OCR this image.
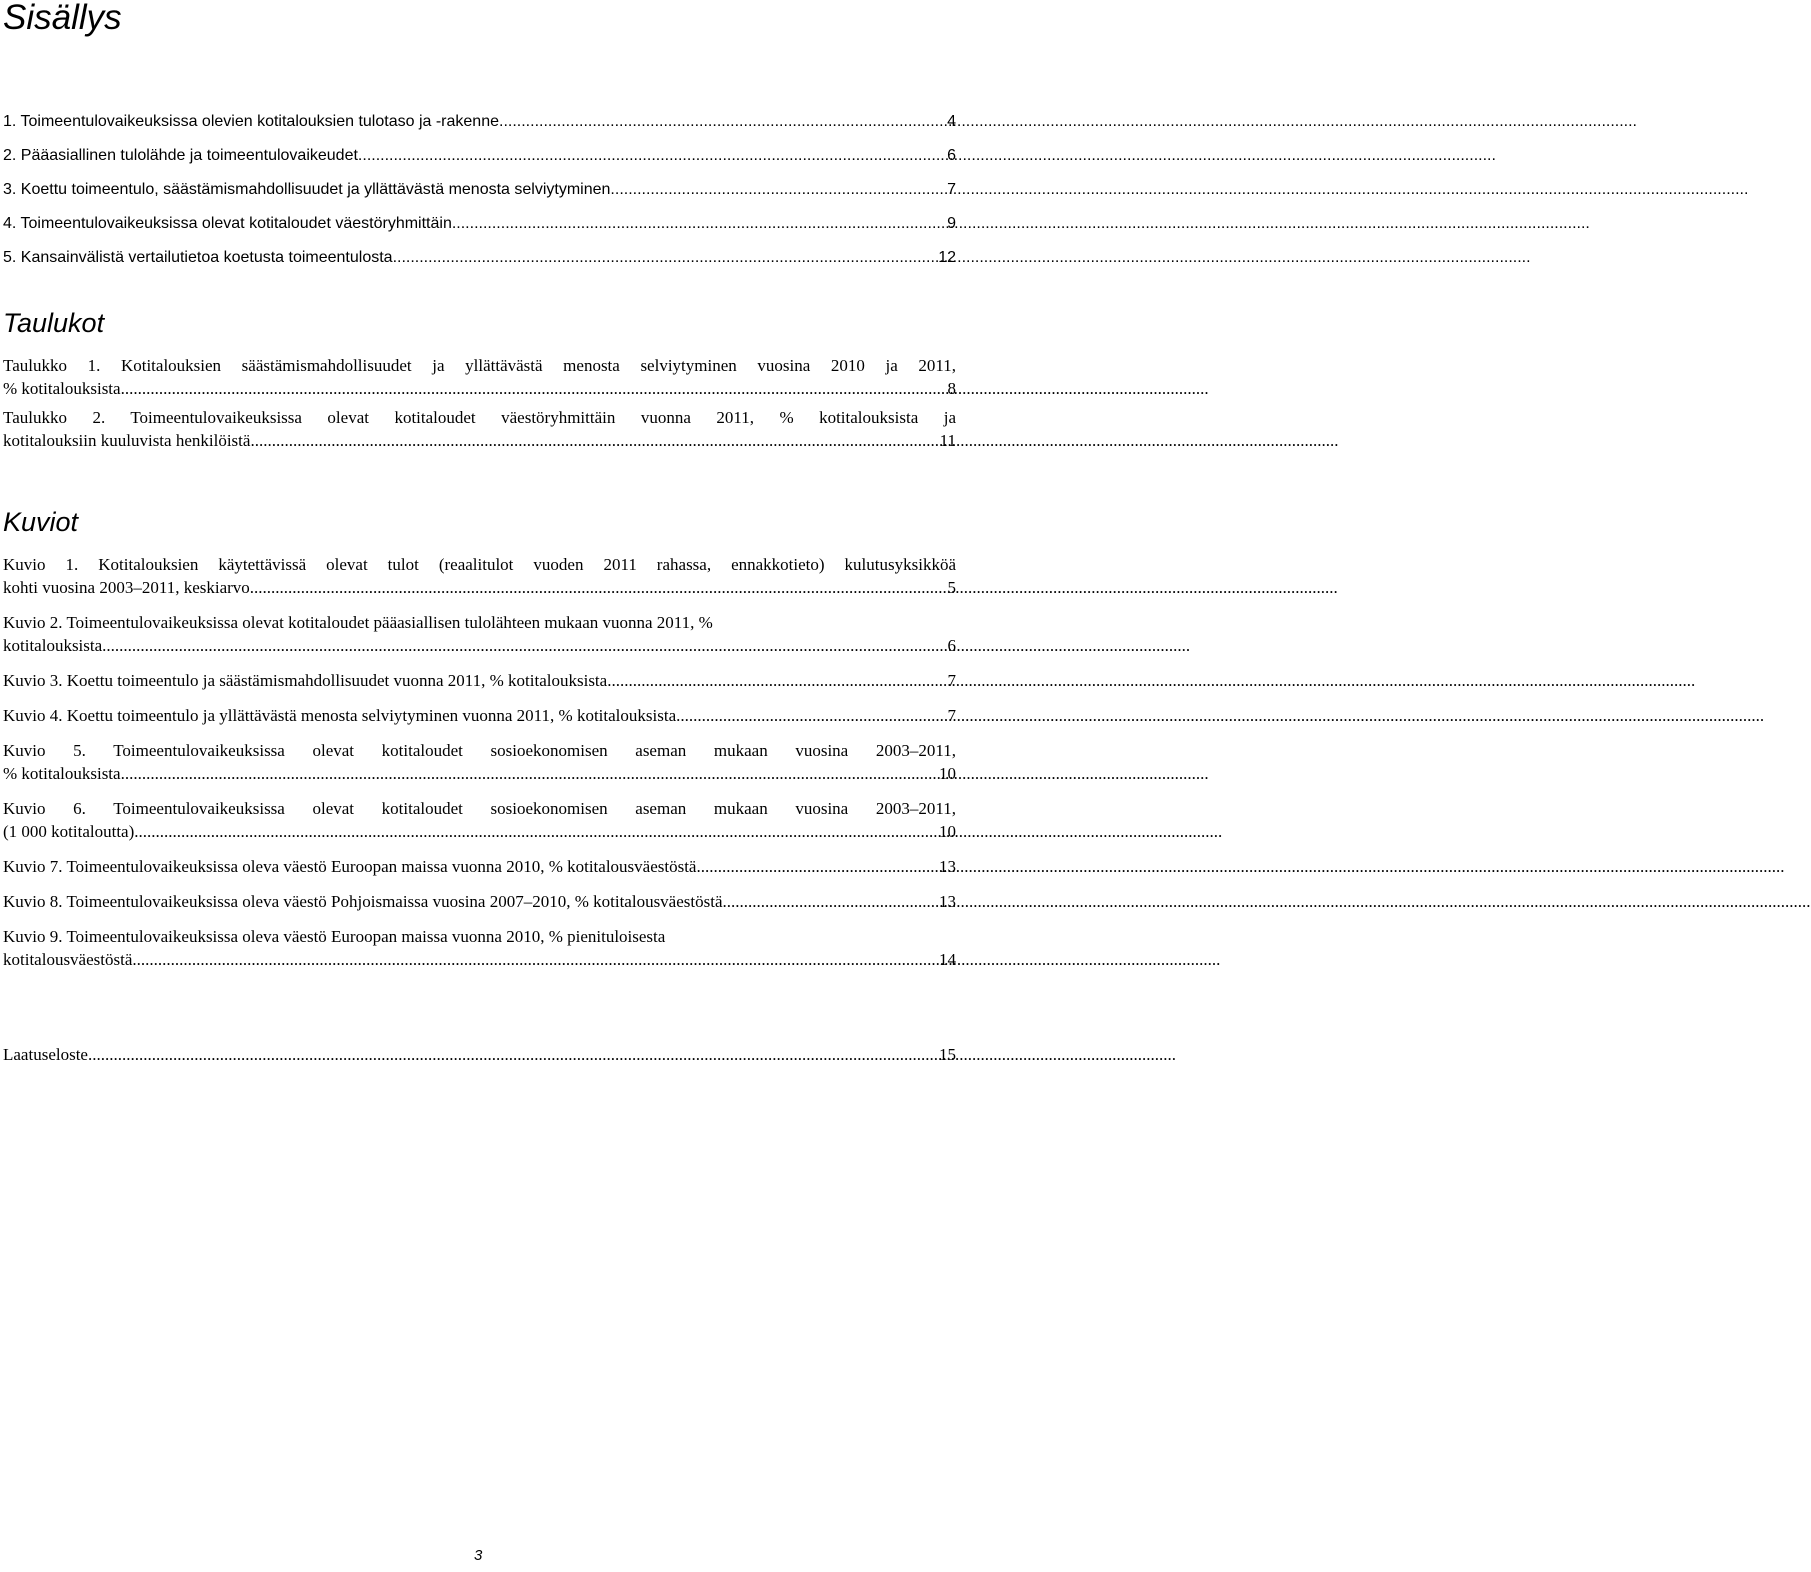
Sisällys
1. Toimeentulovaikeuksissa olevien kotitalouksien tulotaso ja -rakenne .....	4
2. Pääasiallinen tulolähde ja toimeentulovaikeudet .....	6
3. Koettu toimeentulo, säästämismahdollisuudet ja yllättävästä menosta selviytyminen .....	7
4. Toimeentulovaikeuksissa olevat kotitaloudet väestöryhmittäin .....	9
5. Kansainvälistä vertailutietoa koetusta toimeentulosta .....	12
Taulukot
Taulukko 1. Kotitalouksien säästämismahdollisuudet ja yllättävästä menosta selviytyminen vuosina 2010 ja 2011,
% kotitalouksista .....	8
Taulukko 2. Toimeentulovaikeuksissa olevat kotitaloudet väestöryhmittäin vuonna 2011, % kotitalouksista ja
kotitalouksiin kuuluvista henkilöistä .....	11
Kuviot
Kuvio 1. Kotitalouksien käytettävissä olevat tulot (reaalitulot vuoden 2011 rahassa, ennakkotieto) kulutusyksikköä
kohti vuosina 2003–2011, keskiarvo .....	5
Kuvio 2. Toimeentulovaikeuksissa olevat kotitaloudet pääasiallisen tulolähteen mukaan vuonna 2011, %
kotitalouksista .....	6
Kuvio 3. Koettu toimeentulo ja säästämismahdollisuudet vuonna 2011, % kotitalouksista .....	7
Kuvio 4. Koettu toimeentulo ja yllättävästä menosta selviytyminen vuonna 2011, % kotitalouksista .....	7
Kuvio 5. Toimeentulovaikeuksissa olevat kotitaloudet sosioekonomisen aseman mukaan vuosina 2003–2011,
% kotitalouksista .....	10
Kuvio 6. Toimeentulovaikeuksissa olevat kotitaloudet sosioekonomisen aseman mukaan vuosina 2003–2011,
(1 000 kotitaloutta) .....	10
Kuvio 7. Toimeentulovaikeuksissa oleva väestö Euroopan maissa vuonna 2010, % kotitalousväestöstä .....	13
Kuvio 8. Toimeentulovaikeuksissa oleva väestö Pohjoismaissa vuosina 2007–2010, % kotitalousväestöstä .....	13
Kuvio 9. Toimeentulovaikeuksissa oleva väestö Euroopan maissa vuonna 2010, % pienituloisesta
kotitalousväestöstä .....	14
Laatuseloste .....	15
3
